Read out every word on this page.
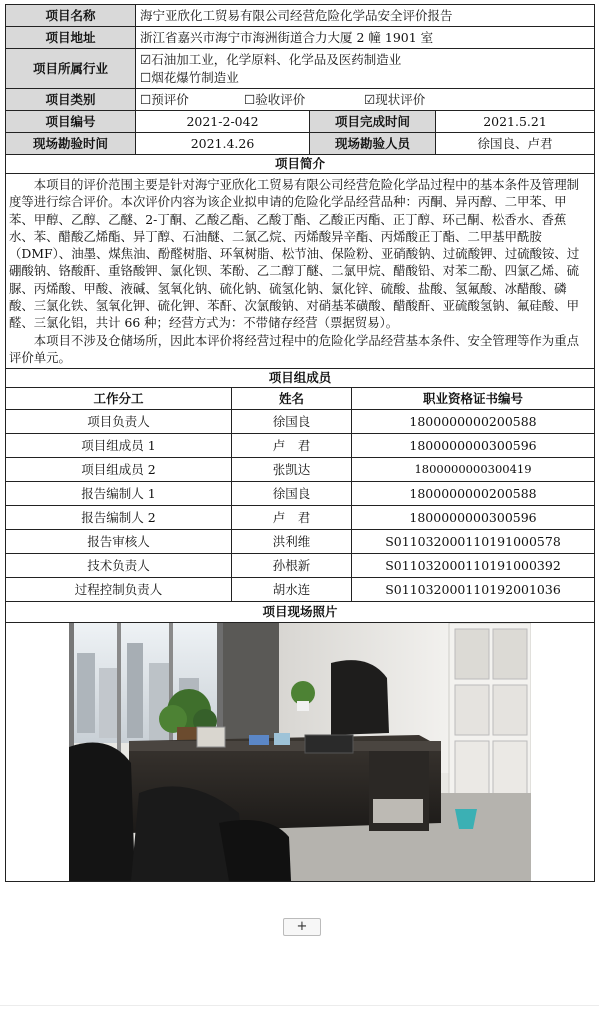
项目名称	海宁亚欣化工贸易有限公司经营危险化学品安全评价报告		
项目地址	浙江省嘉兴市海宁市海洲街道合力大厦 2 幢 1901 室		
项目所属行业	☑石油加工业，化学原料、化学品及医药制造业
☐烟花爆竹制造业		

项目类别	☐预评价 ☐验收评价 ☑现状评价		
项目编号	2021-2-042	项目完成时间	2021.5.21
现场勘验时间	2021.4.26	现场勘验人员	徐国良、卢君
项目简介			

本项目的评价范围主要是针对海宁亚欣化工贸易有限公司经营危险化学品过程中的基本条件及管理制度等进行综合评价。本次评价内容为该企业拟申请的危险化学品经营品种：丙酮、异丙醇、二甲苯、甲苯、甲醇、乙醇、乙醚、2-丁酮、乙酸乙酯、乙酸丁酯、乙酸正丙酯、正丁醇、环己酮、松香水、香蕉水、苯、醋酸乙烯酯、异丁醇、石油醚、二氯乙烷、丙烯酸异辛酯、丙烯酸正丁酯、二甲基甲酰胺（DMF）、油墨、煤焦油、酚醛树脂、环氧树脂、松节油、保险粉、亚硝酸钠、过硫酸钾、过硫酸铵、过硼酸钠、铬酸酐、重铬酸钾、氯化钡、苯酚、乙二醇丁醚、二氯甲烷、醋酸铅、对苯二酚、四氯乙烯、硫脲、丙烯酸、甲酸、液碱、氢氧化钠、硫化钠、硫氢化钠、氯化锌、硫酸、盐酸、氢氟酸、冰醋酸、磷酸、三氯化铁、氢氧化钾、硫化钾、苯酐、次氯酸钠、对硝基苯磺酸、醋酸酐、亚硫酸氢钠、氟硅酸、甲醛、三氯化铝，共计 66 种；经营方式为：不带储存经营（票据贸易）。
本项目不涉及仓储场所，因此本评价将经营过程中的危险化学品经营基本条件、安全管理等作为重点评价单元。			
项目组成员		
工作分工	姓名	职业资格证书编号
项目负责人	徐国良	1800000000200588
项目组成员 1	卢　君	1800000000300596
项目组成员 2	张凯达	1800000000300419
报告编制人 1	徐国良	1800000000200588
报告编制人 2	卢　君	1800000000300596
报告审核人	洪利维	S011032000110191000578
技术负责人	孙根新	S011032000110191000392
过程控制负责人	胡水连	S011032000110192001036
项目现场照片		

+
